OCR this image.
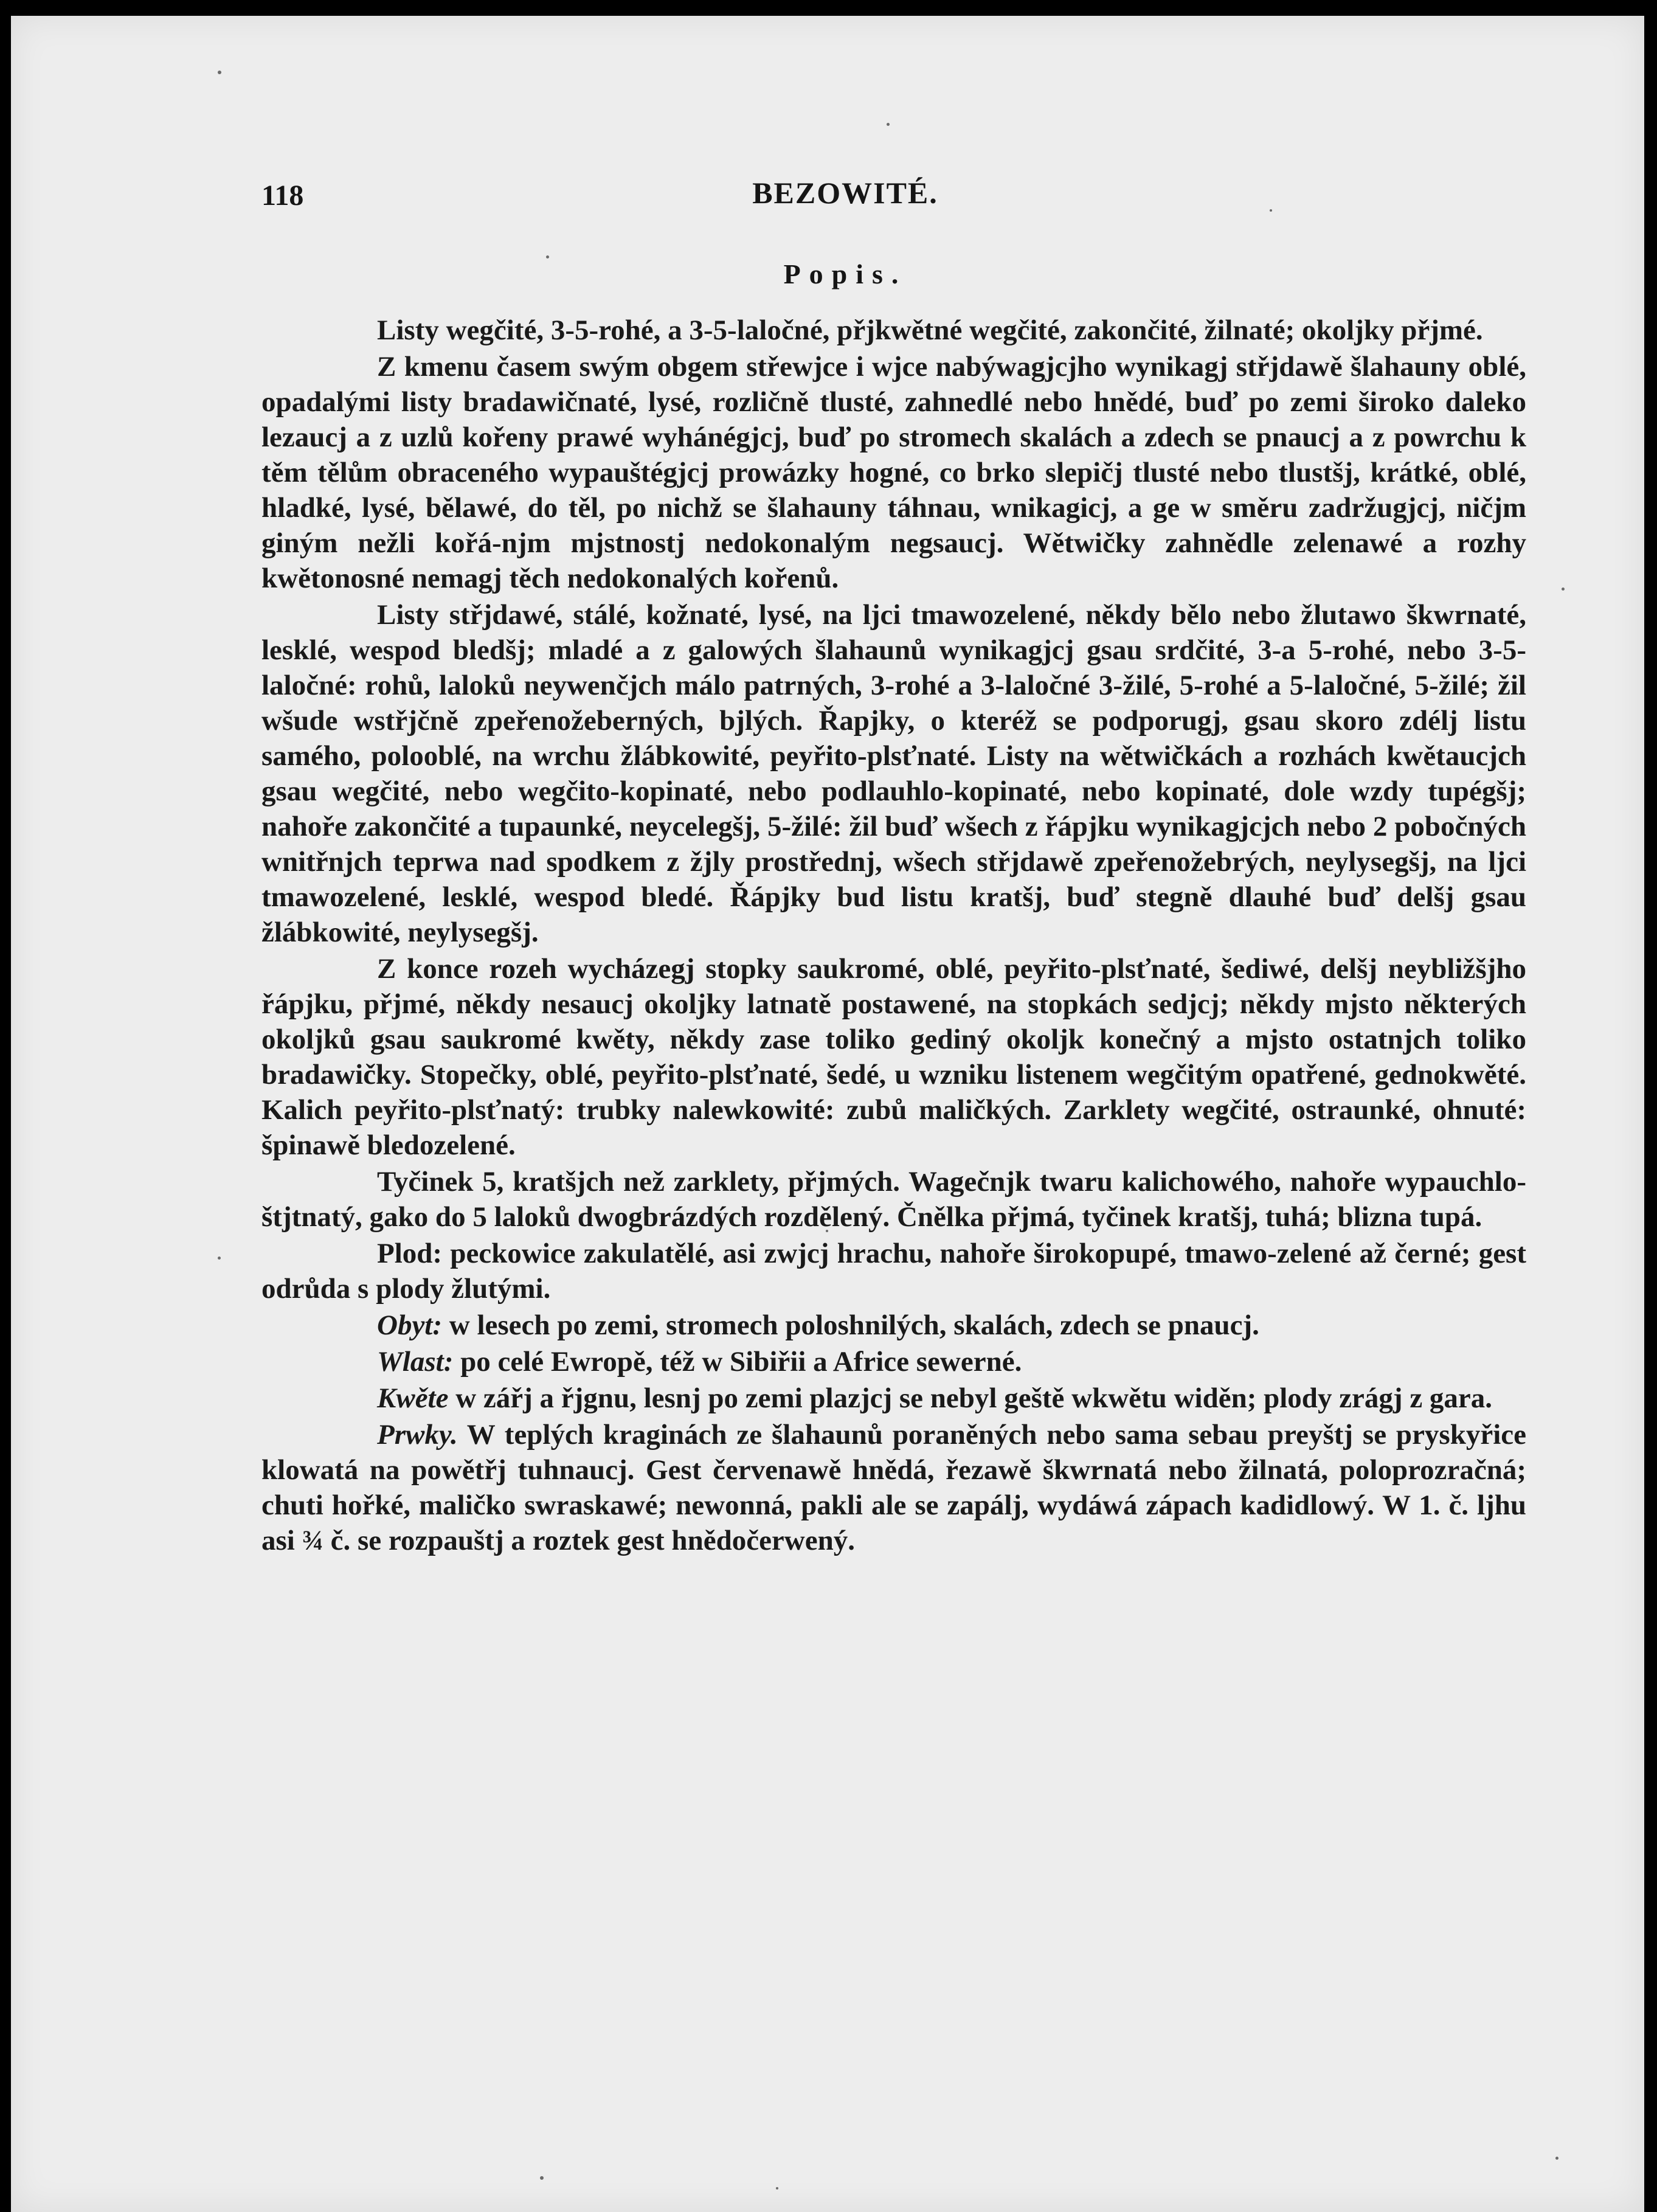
118	BEZOWITÉ.
Popis.

Listy wegčité, 3-5-rohé, a 3-5-laločné, přjkwětné wegčité, zakončité, žilnaté; okoljky přjmé.

Z kmenu časem swým obgem střewjce i wjce nabýwagjcjho wynikagj střjdawě šlahauny oblé, opadalými listy bradawičnaté, lysé, rozličně tlusté, zahnedlé nebo hnědé, buď po zemi široko daleko lezaucj a z uzlů kořeny prawé wyhánégjcj, buď po stromech skalách a zdech se pnaucj a z powrchu k těm tělům obraceného wypauštégjcj prowázky hogné, co brko slepičj tlusté nebo tlustšj, krátké, oblé, hladké, lysé, bělawé, do těl, po nichž se šlahauny táhnau, wnikagicj, a ge w směru zadržugjcj, ničjm giným nežli kořá-njm mjstnostj nedokonalým negsaucj. Wětwičky zahnědle zelenawé a rozhy kwětonosné nemagj těch nedokonalých kořenů.

Listy střjdawé, stálé, kožnaté, lysé, na ljci tmawozelené, někdy bělo nebo žlutawo škwrnaté, lesklé, wespod bledšj; mladé a z galowých šlahaunů wynikagjcj gsau srdčité, 3-a 5-rohé, nebo 3-5-laločné: rohů, laloků neywenčjch málo patrných, 3-rohé a 3-laločné 3-žilé, 5-rohé a 5-laločné, 5-žilé; žil wšude wstřjčně zpeřenožeberných, bjlých. Řapjky, o kteréž se podporugj, gsau skoro zdélj listu samého, polooblé, na wrchu žlábkowité, peyřito-plsťnaté. Listy na wětwičkách a rozhách kwětaucjch gsau wegčité, nebo wegčito-kopinaté, nebo podlauhlo-kopinaté, nebo kopinaté, dole wzdy tupégšj; nahoře zakončité a tupaunké, neycelegšj, 5-žilé: žil buď wšech z řápjku wynikagjcjch nebo 2 pobočných wnitřnjch teprwa nad spodkem z žjly prostřednj, wšech střjdawě zpeřenožebrých, neylysegšj, na ljci tmawozelené, lesklé, wespod bledé. Řápjky bud listu kratšj, buď stegně dlauhé buď delšj gsau žlábkowité, neylysegšj.

Z konce rozeh wycházegj stopky saukromé, oblé, peyřito-plsťnaté, šediwé, delšj neybližšjho řápjku, přjmé, někdy nesaucj okoljky latnatě postawené, na stopkách sedjcj; někdy mjsto některých okoljků gsau saukromé kwěty, někdy zase toliko gediný okoljk konečný a mjsto ostatnjch toliko bradawičky. Stopečky, oblé, peyřito-plsťnaté, šedé, u wzniku listenem wegčitým opatřené, gednokwěté. Kalich peyřito-plsťnatý: trubky nalewkowité: zubů maličkých. Zarklety wegčité, ostraunké, ohnuté: špinawě bledozelené.

Tyčinek 5, kratšjch než zarklety, přjmých. Wagečnjk twaru kalichowého, nahoře wypauchlo-štjtnatý, gako do 5 laloků dwogbrázdých rozdělený. Čnělka přjmá, tyčinek kratšj, tuhá; blizna tupá.

Plod: peckowice zakulatělé, asi zwjcj hrachu, nahoře širokopupé, tmawo-zelené až černé; gest odrůda s plody žlutými.

Obyt: w lesech po zemi, stromech poloshnilých, skalách, zdech se pnaucj.

Wlast: po celé Ewropě, též w Sibiřii a Africe sewerné.

Kwěte w zářj a řjgnu, lesnj po zemi plazjcj se nebyl geště wkwětu widěn; plody zrágj z gara.

Prwky. W teplých kraginách ze šlahaunů poraněných nebo sama sebau preyštj se pryskyřice klowatá na powětřj tuhnaucj. Gest červenawě hnědá, řezawě škwrnatá nebo žilnatá, poloprozračná; chuti hořké, maličko swraskawé; newonná, pakli ale se zapálj, wydáwá zápach kadidlowý. W 1. č. ljhu asi ¾ č. se rozpauštj a roztek gest hnědočerwený.
